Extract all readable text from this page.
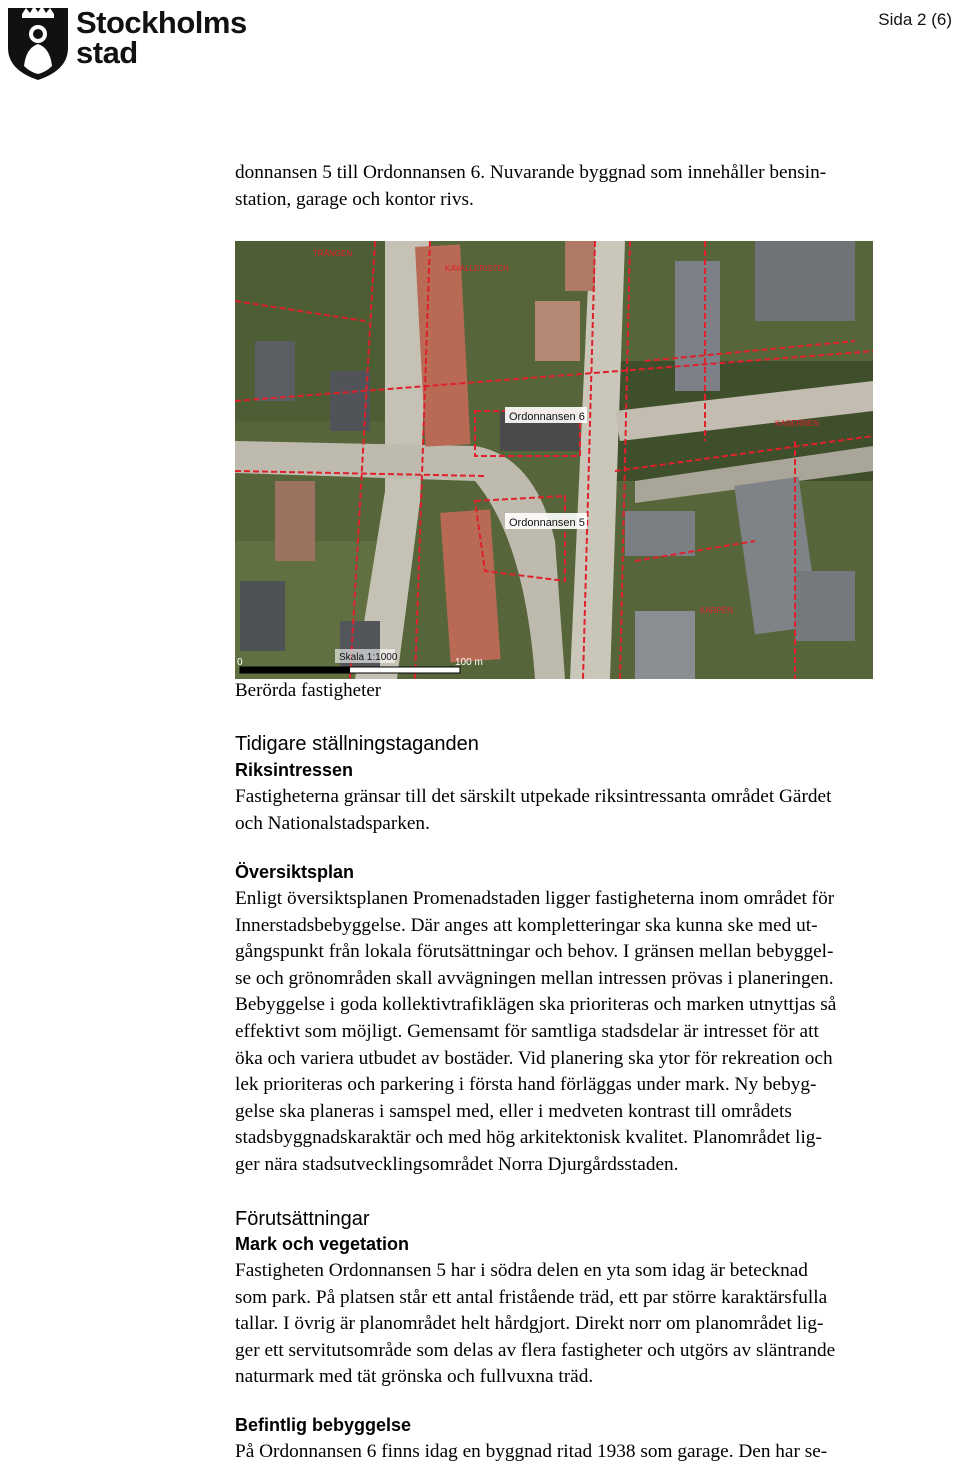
Stockholms
stad
Sida 2 (6)

donnansen 5 till Ordonnansen 6. Nuvarande byggnad som innehåller bensin-
station, garage och kontor rivs.

Ordonnansen 6
Ordonnansen 5
TRÄNGEN
KASERNEN
KARPEN
KAVALLERISTEN
Skala 1:1000
0	100 m
Berörda fastigheter
Tidigare ställningstaganden
Riksintressen

Fastigheterna gränsar till det särskilt utpekade riksintressanta området Gärdet
och Nationalstadsparken.

Översiktsplan

Enligt översiktsplanen Promenadstaden ligger fastigheterna inom området för
Innerstadsbebyggelse. Där anges att kompletteringar ska kunna ske med ut-
gångspunkt från lokala förutsättningar och behov. I gränsen mellan bebyggel-
se och grönområden skall avvägningen mellan intressen prövas i planeringen.
Bebyggelse i goda kollektivtrafiklägen ska prioriteras och marken utnyttjas så
effektivt som möjligt. Gemensamt för samtliga stadsdelar är intresset för att
öka och variera utbudet av bostäder. Vid planering ska ytor för rekreation och
lek prioriteras och parkering i första hand förläggas under mark. Ny bebyg-
gelse ska planeras i samspel med, eller i medveten kontrast till områdets
stadsbyggnadskaraktär och med hög arkitektonisk kvalitet. Planområdet lig-
ger nära stadsutvecklingsområdet Norra Djurgårdsstaden.

Förutsättningar
Mark och vegetation

Fastigheten Ordonnansen 5 har i södra delen en yta som idag är betecknad
som park. På platsen står ett antal fristående träd, ett par större karaktärsfulla
tallar. I övrig är planområdet helt hårdgjort. Direkt norr om planområdet lig-
ger ett servitutsområde som delas av flera fastigheter och utgörs av släntrande
naturmark med tät grönska och fullvuxna träd.

Befintlig bebyggelse

På Ordonnansen 6 finns idag en byggnad ritad 1938 som garage. Den har se-
